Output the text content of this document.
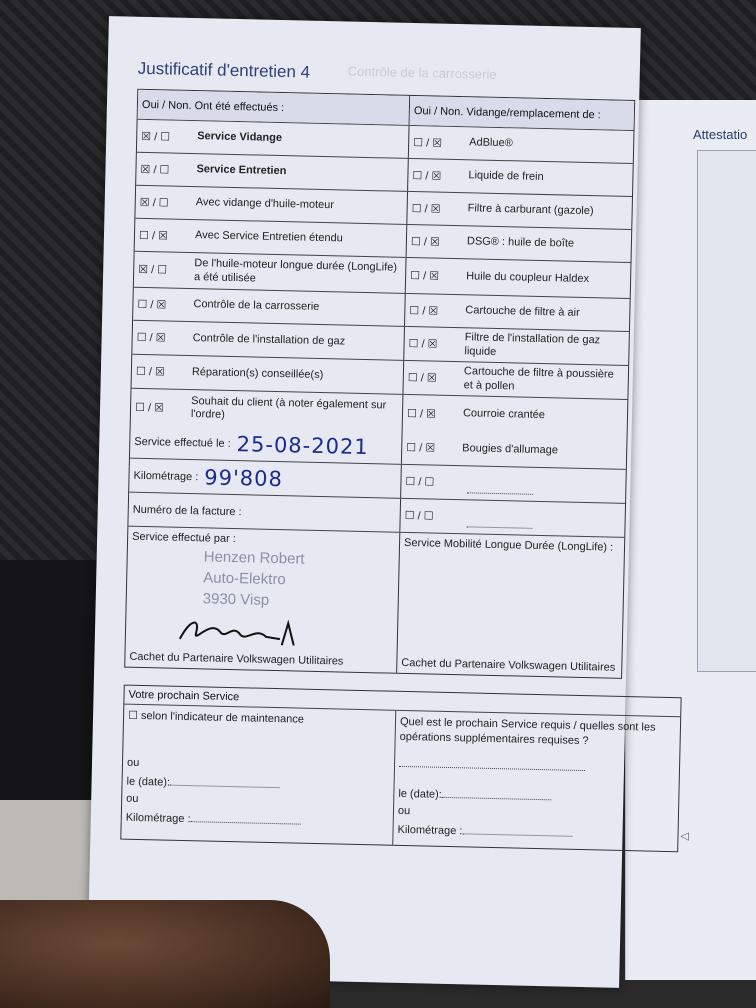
Attestatio
Contrôle de la carrosserie
Justificatif d'entretien 4
Oui / Non. Ont été effectués :	Oui / Non. Vidange/remplacement de :
☒ / ☐	Service Vidange	☐ / ☒	AdBlue®
☒ / ☐	Service Entretien	☐ / ☒	Liquide de frein
☒ / ☐	Avec vidange d'huile-moteur	☐ / ☒	Filtre à carburant (gazole)
☐ / ☒	Avec Service Entretien étendu	☐ / ☒	DSG® : huile de boîte
☒ / ☐	De l'huile-moteur longue durée (LongLife) a été utilisée	☐ / ☒	Huile du coupleur Haldex
☐ / ☒	Contrôle de la carrosserie	☐ / ☒	Cartouche de filtre à air
☐ / ☒	Contrôle de l'installation de gaz	☐ / ☒	Filtre de l'installation de gaz liquide
☐ / ☒	Réparation(s) conseillée(s)	☐ / ☒	Cartouche de filtre à poussière et à pollen
☐ / ☒	Souhait du client (à noter également sur l'ordre)	☐ / ☒	Courroie crantée
Service effectué le : 25-08-2021	☐ / ☒	Bougies d'allumage
Kilométrage : 99'808	☐ / ☐
Numéro de la facture :	☐ / ☐
Service effectué par :
Henzen Robert
Auto-Elektro
3930 Visp
Cachet du Partenaire Volkswagen Utilitaires
Service Mobilité Longue Durée (LongLife) :
Cachet du Partenaire Volkswagen Utilitaires
Votre prochain Service
☐ selon l'indicateur de maintenance
ou
le (date):
ou
Kilométrage :
Quel est le prochain Service requis / quelles sont les opérations supplémentaires requises ?
le (date):
ou
Kilométrage :	◁
